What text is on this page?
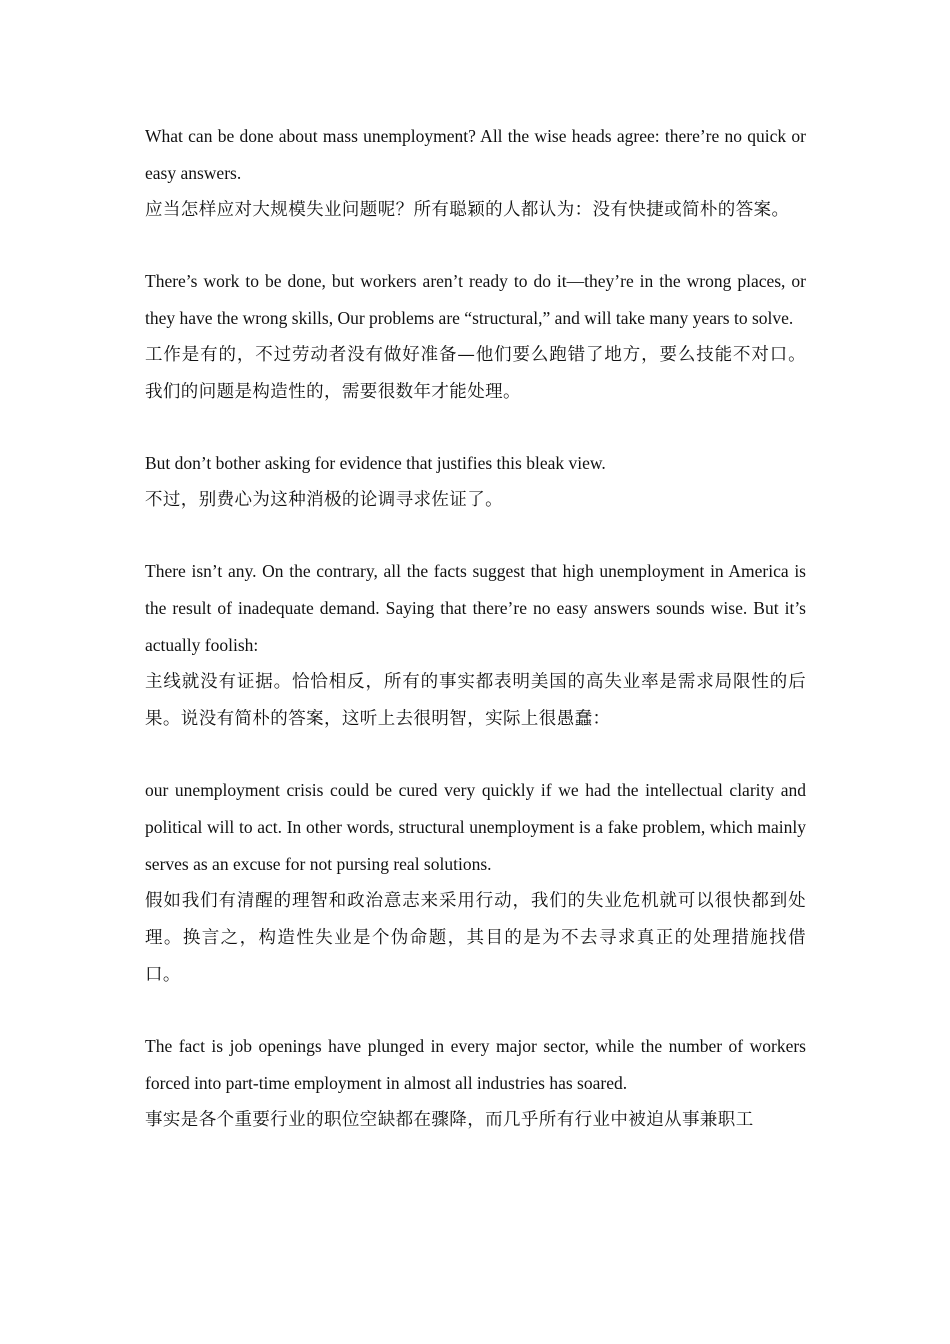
What can be done about mass unemployment? All the wise heads agree: there’re no quick or easy answers.

应当怎样应对大规模失业问题呢？所有聪颖的人都认为：没有快捷或简朴的答案。

There’s work to be done, but workers aren’t ready to do it—they’re in the wrong places, or they have the wrong skills, Our problems are “structural,” and will take many years to solve.

工作是有的，不过劳动者没有做好准备—他们要么跑错了地方，要么技能不对口。我们的问题是构造性的，需要很数年才能处理。

But don’t bother asking for evidence that justifies this bleak view.

不过，别费心为这种消极的论调寻求佐证了。

There isn’t any. On the contrary, all the facts suggest that high unemployment in America is the result of inadequate demand. Saying that there’re no easy answers sounds wise. But it’s actually foolish:

主线就没有证据。恰恰相反，所有的事实都表明美国的高失业率是需求局限性的后果。说没有简朴的答案，这听上去很明智，实际上很愚蠢：

our unemployment crisis could be cured very quickly if we had the intellectual clarity and political will to act. In other words, structural unemployment is a fake problem, which mainly serves as an excuse for not pursing real solutions.

假如我们有清醒的理智和政治意志来采用行动，我们的失业危机就可以很快都到处理。换言之，构造性失业是个伪命题，其目的是为不去寻求真正的处理措施找借口。

The fact is job openings have plunged in every major sector, while the number of workers forced into part-time employment in almost all industries has soared.

事实是各个重要行业的职位空缺都在骤降，而几乎所有行业中被迫从事兼职工
